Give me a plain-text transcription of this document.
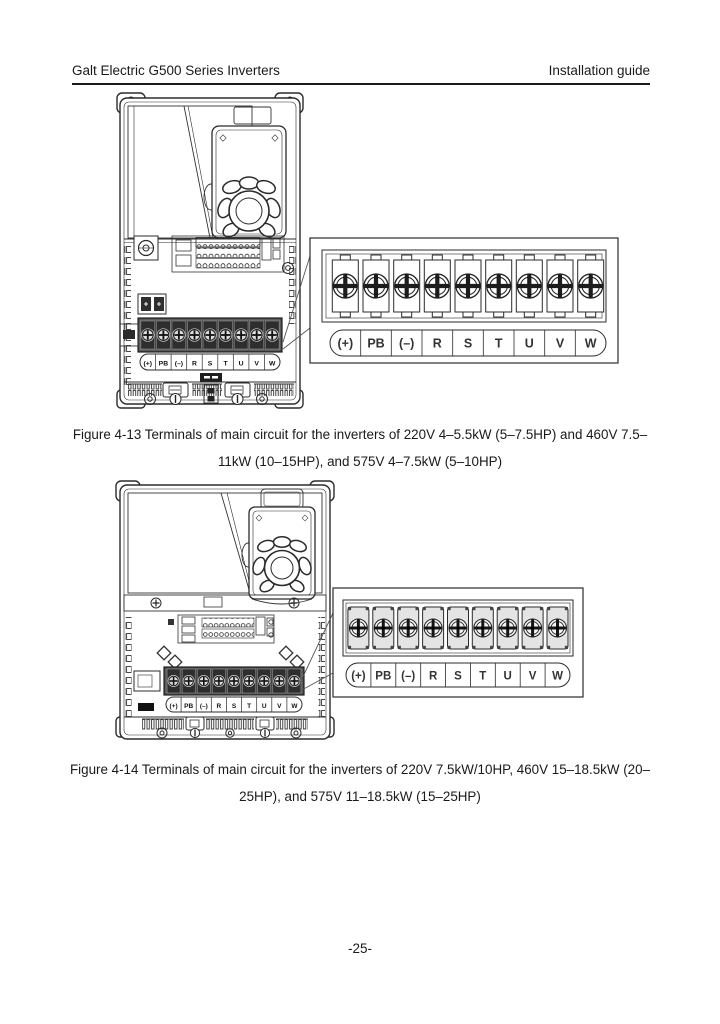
Galt Electric G500 Series Inverters	Installation guide
(+) PB (–) R S T U V W
(+) PB (–) R S T U V W
Figure 4-13 Terminals of main circuit for the inverters of 220V 4–5.5kW (5–7.5HP) and 460V 7.5–
11kW (10–15HP), and 575V 4–7.5kW (5–10HP)
(+) PB (–) R S T U V W
(+) PB (–) R S T U V W
Figure 4-14 Terminals of main circuit for the inverters of 220V 7.5kW/10HP, 460V 15–18.5kW (20–
25HP), and 575V 11–18.5kW (15–25HP)
-25-
